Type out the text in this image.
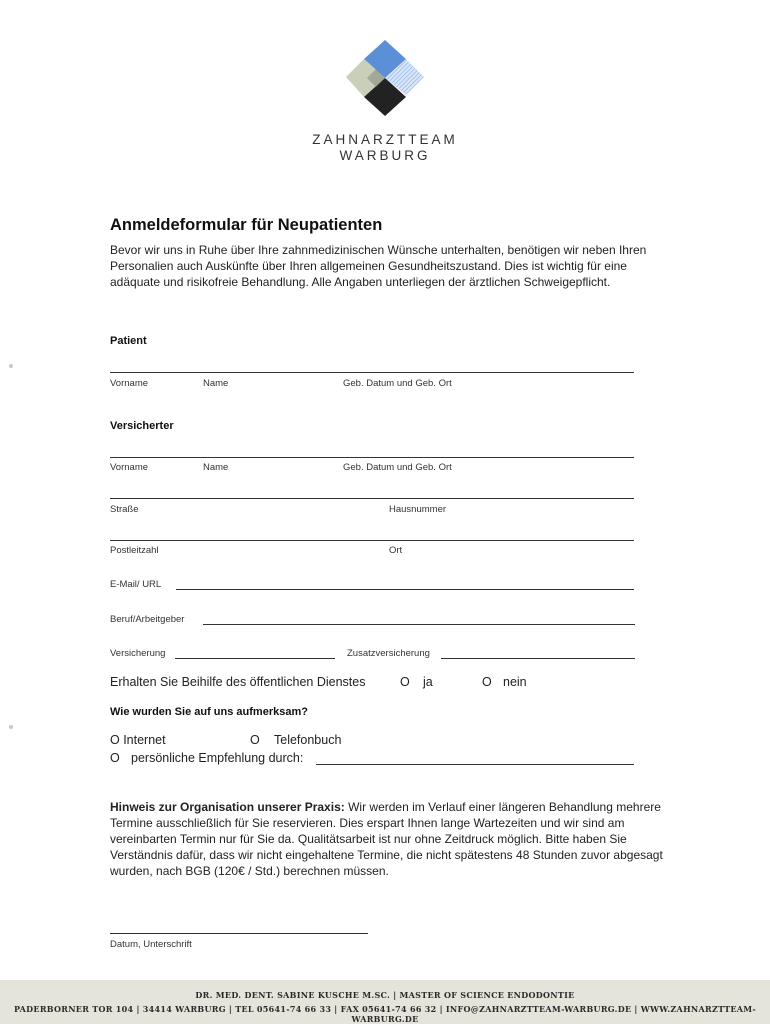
ZAHNARZTTEAM
WARBURG
Anmeldeformular für Neupatienten
Bevor wir uns in Ruhe über Ihre zahnmedizinischen Wünsche unterhalten, benötigen wir neben Ihren Personalien auch Auskünfte über Ihren allgemeinen Gesundheitszustand. Dies ist wichtig für eine adäquate und risikofreie Behandlung. Alle Angaben unterliegen der ärztlichen Schweigepflicht.
Patient
Vorname	Name	Geb. Datum und Geb. Ort
Versicherter
Vorname	Name	Geb. Datum und Geb. Ort
Straße	Hausnummer
Postleitzahl	Ort
E-Mail/ URL
Beruf/Arbeitgeber
Versicherung	Zusatzversicherung
Erhalten Sie Beihilfe des öffentlichen Dienstes	O ja	O nein
Wie wurden Sie auf uns aufmerksam?
O Internet	O Telefonbuch
O persönliche Empfehlung durch:
Hinweis zur Organisation unserer Praxis: Wir werden im Verlauf einer längeren Behandlung mehrere Termine ausschließlich für Sie reservieren. Dies erspart Ihnen lange Wartezeiten und wir sind am vereinbarten Termin nur für Sie da. Qualitätsarbeit ist nur ohne Zeitdruck möglich. Bitte haben Sie Verständnis dafür, dass wir nicht eingehaltene Termine, die nicht spätestens 48 Stunden zuvor abgesagt wurden, nach BGB (120€ / Std.) berechnen müssen.
Datum, Unterschrift
DR. MED. DENT. SABINE KUSCHE M.SC. | MASTER OF SCIENCE ENDODONTIE
PADERBORNER TOR 104 | 34414 WARBURG | TEL 05641-74 66 33 | FAX 05641-74 66 32 | INFO@ZAHNARZTTEAM-WARBURG.DE | WWW.ZAHNARZTTEAM-WARBURG.DE
